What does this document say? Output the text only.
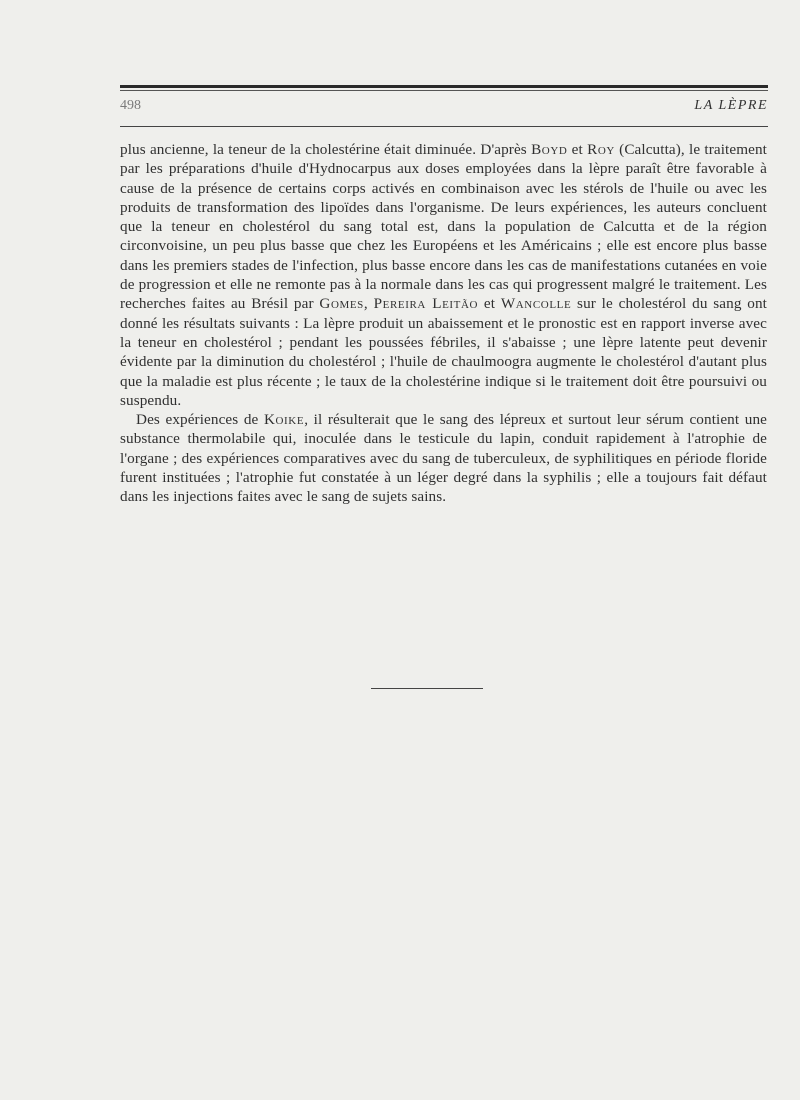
498	LA LÈPRE

plus ancienne, la teneur de la cholestérine était diminuée. D'après Boyd et Roy (Calcutta), le traitement par les préparations d'huile d'Hydnocarpus aux doses employées dans la lèpre paraît être favorable à cause de la présence de certains corps activés en combinaison avec les stérols de l'huile ou avec les produits de transformation des lipoïdes dans l'organisme. De leurs expériences, les auteurs concluent que la teneur en cholestérol du sang total est, dans la population de Calcutta et de la région circonvoisine, un peu plus basse que chez les Européens et les Américains ; elle est encore plus basse dans les premiers stades de l'infection, plus basse encore dans les cas de manifestations cutanées en voie de progression et elle ne remonte pas à la normale dans les cas qui progressent malgré le traitement. Les recherches faites au Brésil par Gomes, Pereira Leitão et Wancolle sur le cholestérol du sang ont donné les résultats suivants : La lèpre produit un abaissement et le pronostic est en rapport inverse avec la teneur en cholestérol ; pendant les poussées fébriles, il s'abaisse ; une lèpre latente peut devenir évidente par la diminution du cholestérol ; l'huile de chaulmoogra augmente le cholestérol d'autant plus que la maladie est plus récente ; le taux de la cholestérine indique si le traitement doit être poursuivi ou suspendu.

Des expériences de Koike, il résulterait que le sang des lépreux et surtout leur sérum contient une substance thermolabile qui, inoculée dans le testicule du lapin, conduit rapidement à l'atrophie de l'organe ; des expériences comparatives avec du sang de tuberculeux, de syphilitiques en période floride furent instituées ; l'atrophie fut constatée à un léger degré dans la syphilis ; elle a toujours fait défaut dans les injections faites avec le sang de sujets sains.
